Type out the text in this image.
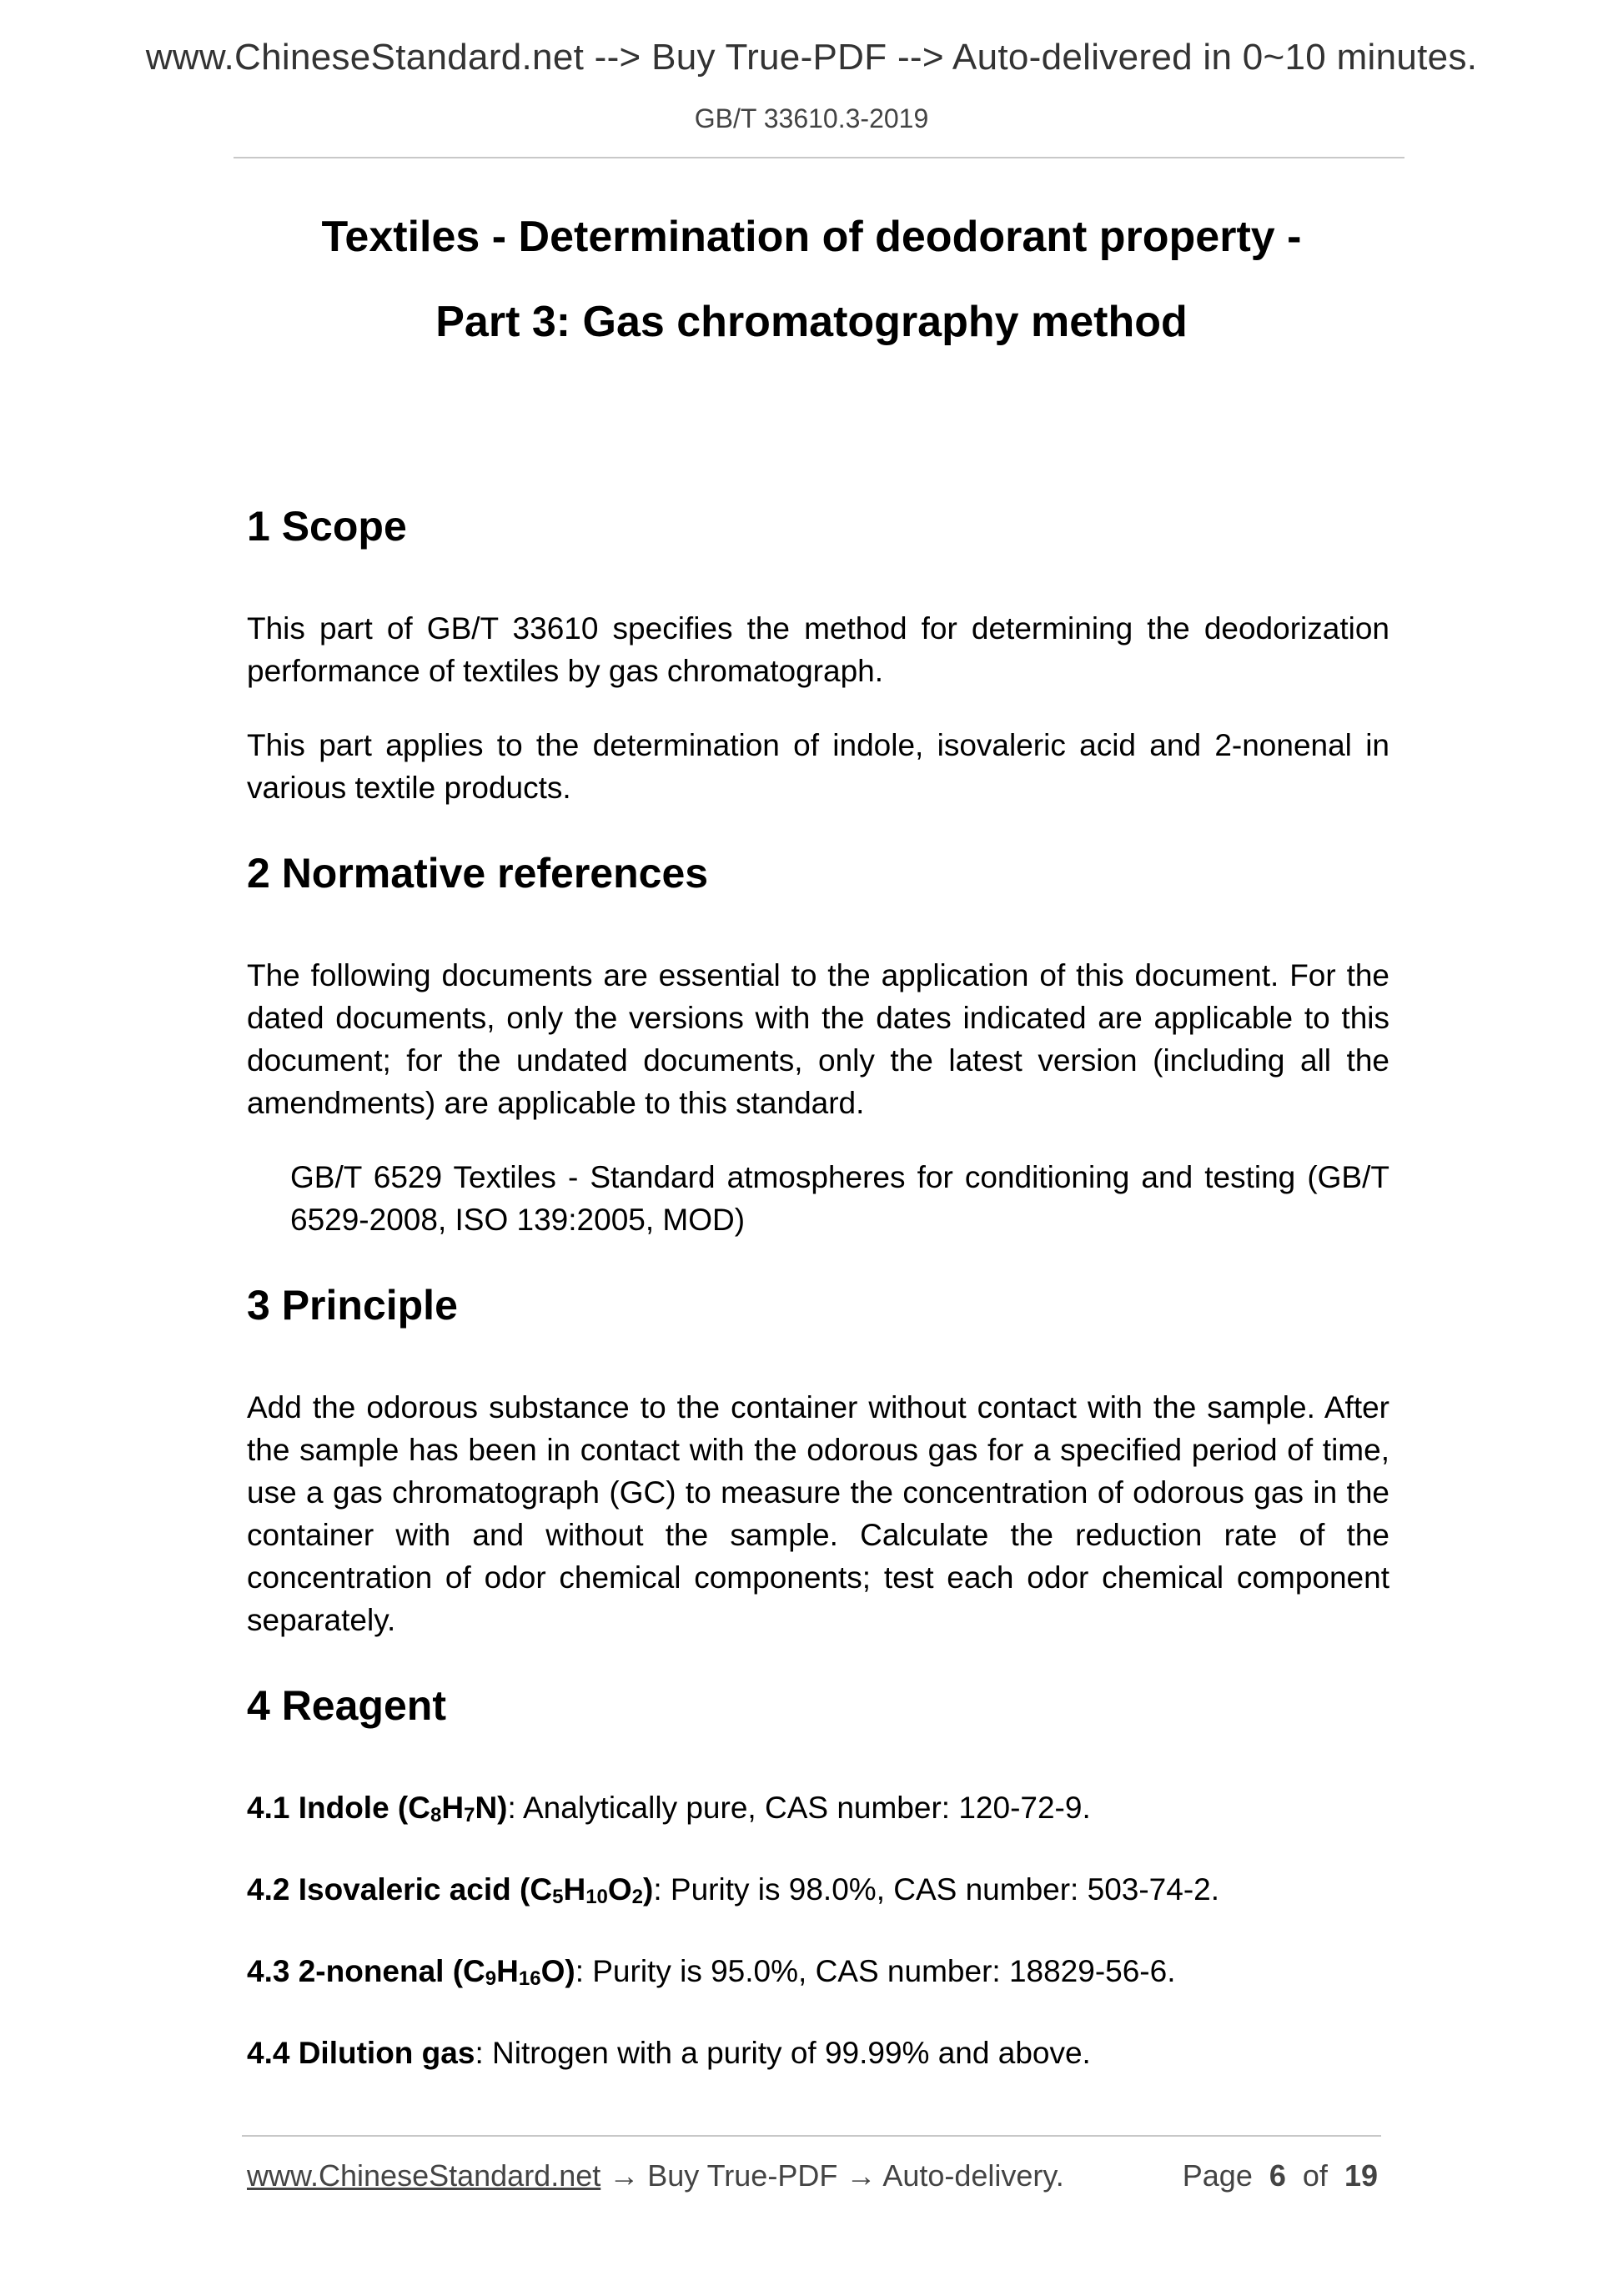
www.ChineseStandard.net --> Buy True-PDF --> Auto-delivered in 0~10 minutes.
GB/T 33610.3-2019
Textiles - Determination of deodorant property -
Part 3: Gas chromatography method
1 Scope

This part of GB/T 33610 specifies the method for determining the deodorization performance of textiles by gas chromatograph.

This part applies to the determination of indole, isovaleric acid and 2-nonenal in various textile products.

2 Normative references

The following documents are essential to the application of this document. For the dated documents, only the versions with the dates indicated are applicable to this document; for the undated documents, only the latest version (including all the amendments) are applicable to this standard.

GB/T 6529 Textiles - Standard atmospheres for conditioning and testing (GB/T 6529-2008, ISO 139:2005, MOD)

3 Principle

Add the odorous substance to the container without contact with the sample. After the sample has been in contact with the odorous gas for a specified period of time, use a gas chromatograph (GC) to measure the concentration of odorous gas in the container with and without the sample. Calculate the reduction rate of the concentration of odor chemical components; test each odor chemical component separately.

4 Reagent
4.1 Indole $(C_8H_7N)$: Analytically pure, CAS number: 120-72-9.
4.2 Isovaleric acid $(C_5H_{10}O_2)$: Purity is 98.0%, CAS number: 503-74-2.
4.3 2-nonenal $(C_9H_{16}O)$: Purity is 95.0%, CAS number: 18829-56-6.
4.4 Dilution gas: Nitrogen with a purity of 99.99% and above.
www.ChineseStandard.net → Buy True-PDF → Auto-delivery.	Page 6 of 19
